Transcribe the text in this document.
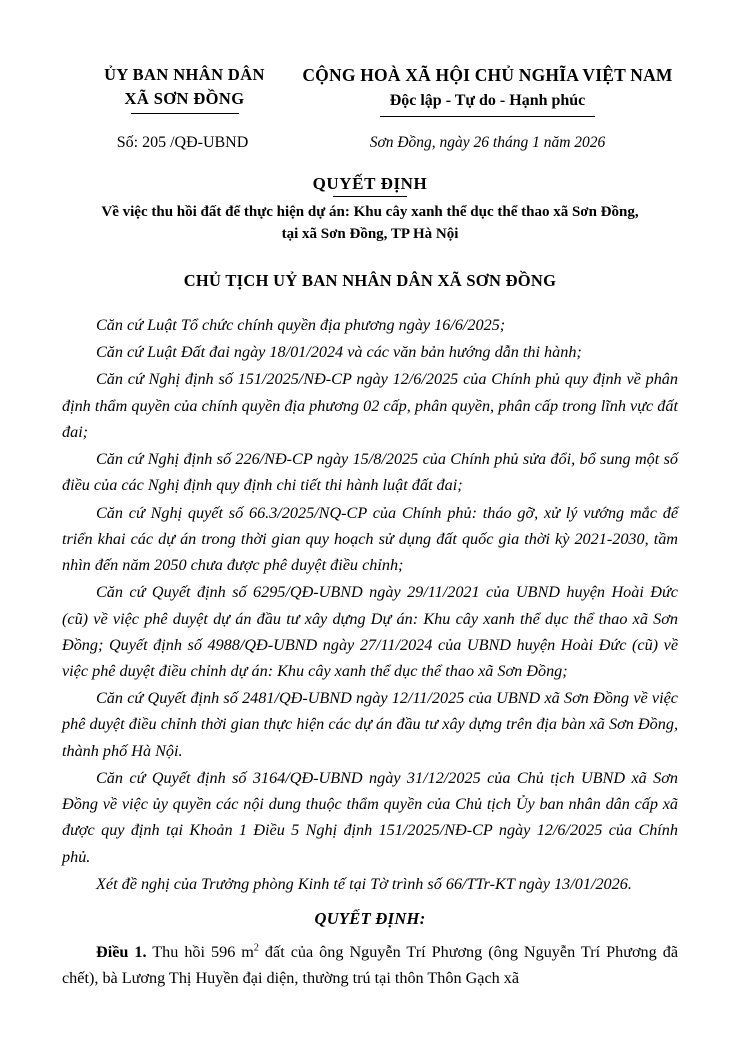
ỦY BAN NHÂN DÂN
XÃ SƠN ĐỒNG
CỘNG HOÀ XÃ HỘI CHỦ NGHĨA VIỆT NAM
Độc lập - Tự do - Hạnh phúc
Số: 205 /QĐ-UBND	Sơn Đồng, ngày 26 tháng 1 năm 2026
QUYẾT ĐỊNH
Về việc thu hồi đất để thực hiện dự án: Khu cây xanh thể dục thể thao xã Sơn Đồng, tại xã Sơn Đồng, TP Hà Nội
CHỦ TỊCH UỶ BAN NHÂN DÂN XÃ SƠN ĐỒNG

Căn cứ Luật Tổ chức chính quyền địa phương ngày 16/6/2025;

Căn cứ Luật Đất đai ngày 18/01/2024 và các văn bản hướng dẫn thi hành;

Căn cứ Nghị định số 151/2025/NĐ-CP ngày 12/6/2025 của Chính phủ quy định về phân định thẩm quyền của chính quyền địa phương 02 cấp, phân quyền, phân cấp trong lĩnh vực đất đai;

Căn cứ Nghị định số 226/NĐ-CP ngày 15/8/2025 của Chính phủ sửa đổi, bổ sung một số điều của các Nghị định quy định chi tiết thi hành luật đất đai;

Căn cứ Nghị quyết số 66.3/2025/NQ-CP của Chính phủ: tháo gỡ, xử lý vướng mắc để triển khai các dự án trong thời gian quy hoạch sử dụng đất quốc gia thời kỳ 2021-2030, tầm nhìn đến năm 2050 chưa được phê duyệt điều chỉnh;

Căn cứ Quyết định số 6295/QĐ-UBND ngày 29/11/2021 của UBND huyện Hoài Đức (cũ) về việc phê duyệt dự án đầu tư xây dựng Dự án: Khu cây xanh thể dục thể thao xã Sơn Đồng; Quyết định số 4988/QĐ-UBND ngày 27/11/2024 của UBND huyện Hoài Đức (cũ) về việc phê duyệt điều chỉnh dự án: Khu cây xanh thể dục thể thao xã Sơn Đồng;

Căn cứ Quyết định số 2481/QĐ-UBND ngày 12/11/2025 của UBND xã Sơn Đồng về việc phê duyệt điều chỉnh thời gian thực hiện các dự án đầu tư xây dựng trên địa bàn xã Sơn Đồng, thành phố Hà Nội.

Căn cứ Quyết định số 3164/QĐ-UBND ngày 31/12/2025 của Chủ tịch UBND xã Sơn Đồng về việc ủy quyền các nội dung thuộc thẩm quyền của Chủ tịch Ủy ban nhân dân cấp xã được quy định tại Khoản 1 Điều 5 Nghị định 151/2025/NĐ-CP ngày 12/6/2025 của Chính phủ.

Xét đề nghị của Trưởng phòng Kinh tế tại Tờ trình số 66/TTr-KT ngày 13/01/2026.

QUYẾT ĐỊNH:

Điều 1. Thu hồi 596 $m^2$ đất của ông Nguyễn Trí Phương (ông Nguyễn Trí Phương đã chết), bà Lương Thị Huyền đại diện, thường trú tại thôn Thôn Gạch xã
